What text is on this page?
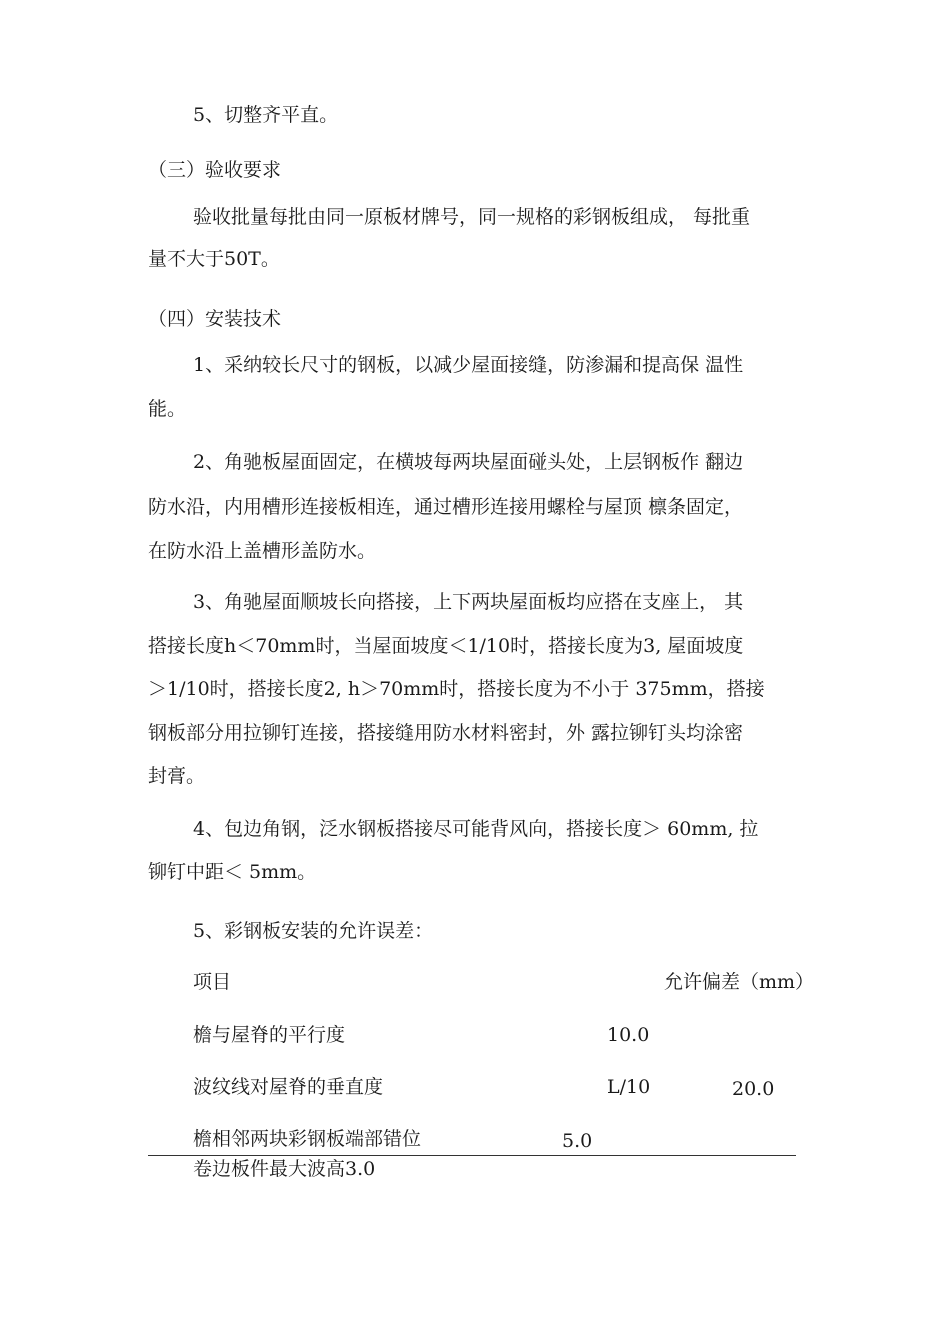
5、切整齐平直。
（三）验收要求
验收批量每批由同一原板材牌号，同一规格的彩钢板组成， 每批重
量不大于50T。
（四）安装技术
1、采纳较长尺寸的钢板，以减少屋面接缝，防渗漏和提高保 温性
能。
2、角驰板屋面固定，在横坡每两块屋面碰头处，上层钢板作 翻边
防水沿，内用槽形连接板相连，通过槽形连接用螺栓与屋顶 檩条固定，
在防水沿上盖槽形盖防水。
3、角驰屋面顺坡长向搭接，上下两块屋面板均应搭在支座上， 其
搭接长度h＜70mm时，当屋面坡度＜1/10时，搭接长度为3, 屋面坡度
＞1/10时，搭接长度2, h＞70mm时，搭接长度为不小于 375mm，搭接
钢板部分用拉铆钉连接，搭接缝用防水材料密封，外 露拉铆钉头均涂密
封膏。
4、包边角钢，泛水钢板搭接尽可能背风向，搭接长度＞ 60mm, 拉
铆钉中距＜ 5mm。
5、彩钢板安装的允许误差：
项目	允许偏差（mm）
檐与屋脊的平行度	10.0
波纹线对屋脊的垂直度	L/10	20.0
檐相邻两块彩钢板端部错位	5.0
卷边板件最大波高3.0
